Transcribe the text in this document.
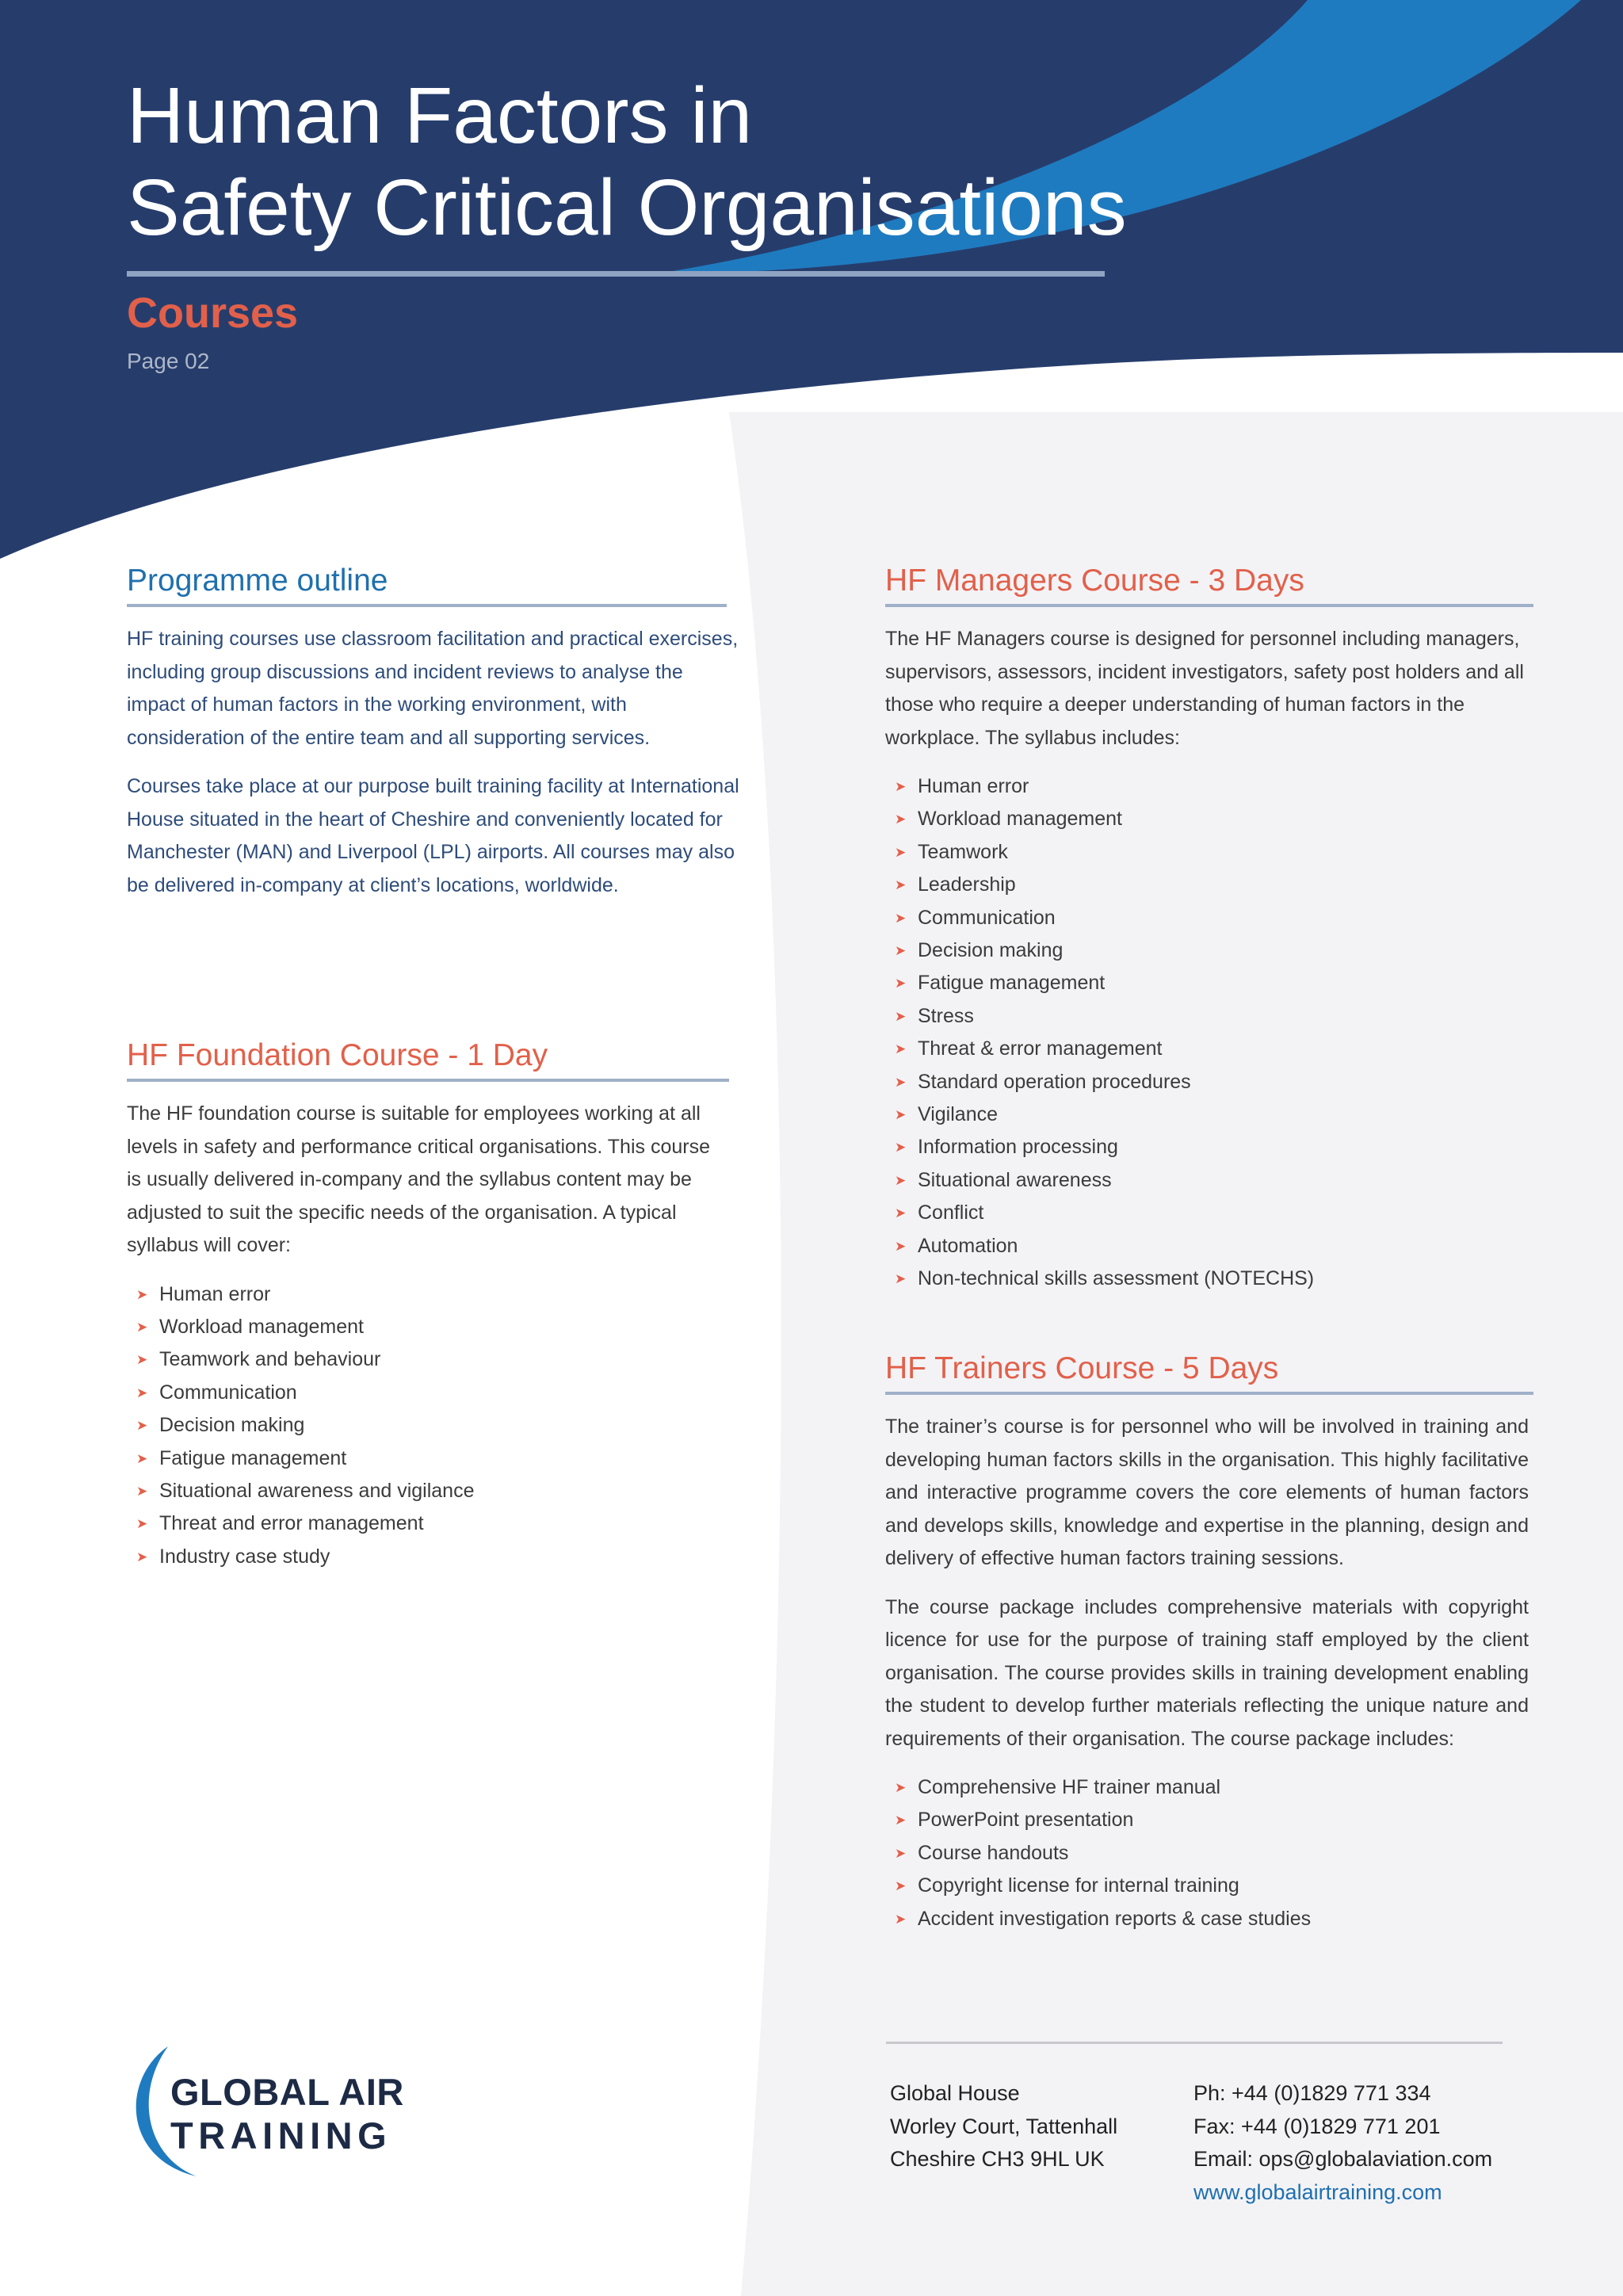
Human Factors in
Safety Critical Organisations
Courses
Page 02
Programme outline

HF training courses use classroom facilitation and practical exercises, including group discussions and incident reviews to analyse the impact of human factors in the working environment, with consideration of the entire team and all supporting services.

Courses take place at our purpose built training facility at International House situated in the heart of Cheshire and conveniently located for Manchester (MAN) and Liverpool (LPL) airports. All courses may also be delivered in-company at client’s locations, worldwide.

HF Foundation Course - 1 Day

The HF foundation course is suitable for employees working at all levels in safety and performance critical organisations. This course is usually delivered in-company and the syllabus content may be adjusted to suit the specific needs of the organisation. A typical syllabus will cover:

➤ Human error
➤ Workload management
➤ Teamwork and behaviour
➤ Communication
➤ Decision making
➤ Fatigue management
➤ Situational awareness and vigilance
➤ Threat and error management
➤ Industry case study
HF Managers Course - 3 Days

The HF Managers course is designed for personnel including managers, supervisors, assessors, incident investigators, safety post holders and all those who require a deeper understanding of human factors in the workplace. The syllabus includes:

➤ Human error
➤ Workload management
➤ Teamwork
➤ Leadership
➤ Communication
➤ Decision making
➤ Fatigue management
➤ Stress
➤ Threat & error management
➤ Standard operation procedures
➤ Vigilance
➤ Information processing
➤ Situational awareness
➤ Conflict
➤ Automation
➤ Non-technical skills assessment (NOTECHS)
HF Trainers Course - 5 Days

The trainer’s course is for personnel who will be involved in training and developing human factors skills in the organisation. This highly facilitative and interactive programme covers the core elements of human factors and develops skills, knowledge and expertise in the planning, design and delivery of effective human factors training sessions.

The course package includes comprehensive materials with copyright licence for use for the purpose of training staff employed by the client organisation. The course provides skills in training development enabling the student to develop further materials reflecting the unique nature and requirements of their organisation. The course package includes:

➤ Comprehensive HF trainer manual
➤ PowerPoint presentation
➤ Course handouts
➤ Copyright license for internal training
➤ Accident investigation reports & case studies
GLOBAL AIR
TRAINING
Global House
Worley Court, Tattenhall
Cheshire CH3 9HL UK
Ph: +44 (0)1829 771 334
Fax: +44 (0)1829 771 201
Email: ops@globalaviation.com
www.globalairtraining.com
